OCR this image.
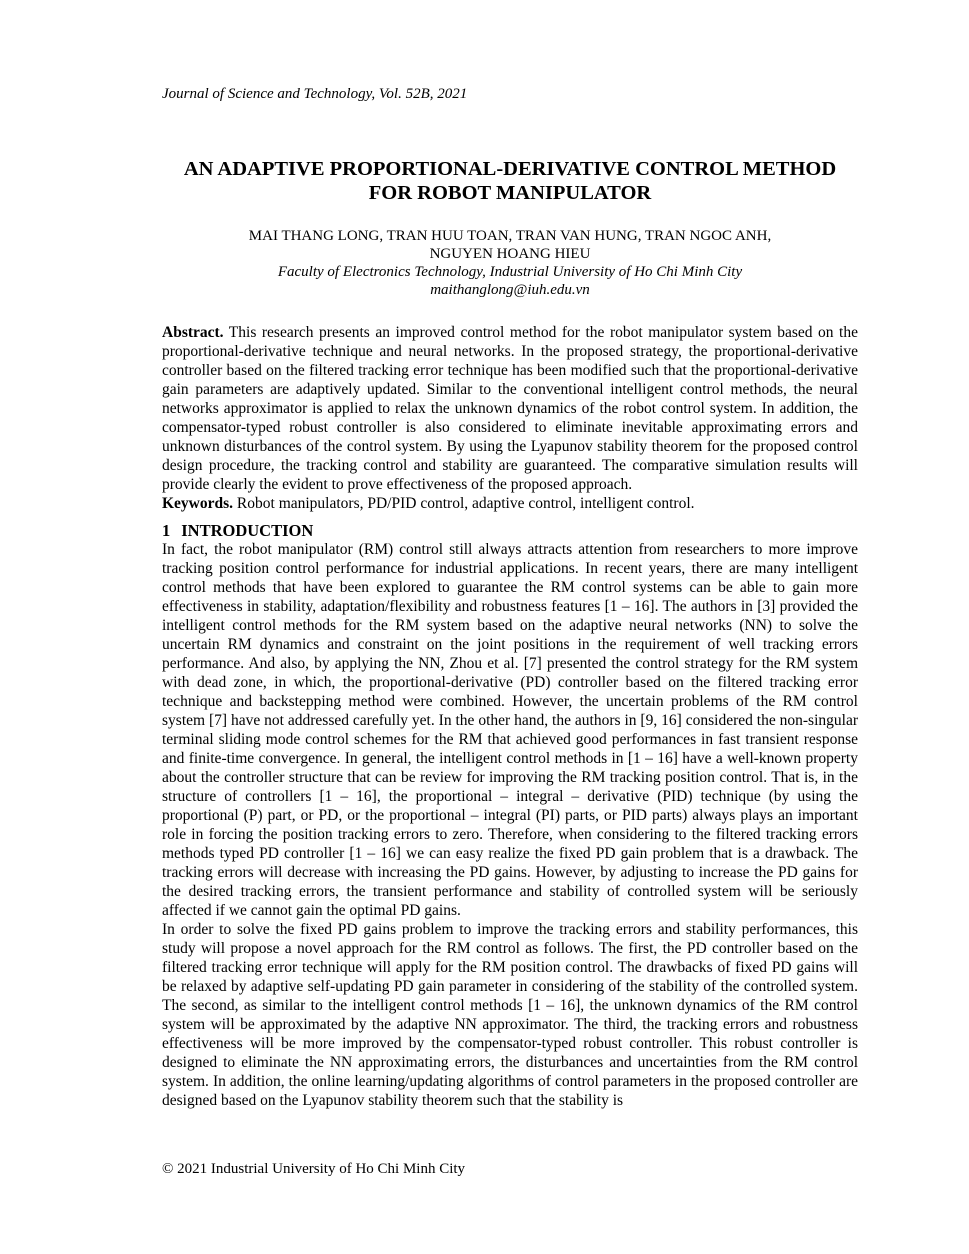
Journal of Science and Technology, Vol. 52B, 2021
AN ADAPTIVE PROPORTIONAL-DERIVATIVE CONTROL METHOD
FOR ROBOT MANIPULATOR
MAI THANG LONG, TRAN HUU TOAN, TRAN VAN HUNG, TRAN NGOC ANH,
NGUYEN HOANG HIEU
Faculty of Electronics Technology, Industrial University of Ho Chi Minh City
maithanglong@iuh.edu.vn
Abstract. This research presents an improved control method for the robot manipulator system based on the proportional-derivative technique and neural networks. In the proposed strategy, the proportional-derivative controller based on the filtered tracking error technique has been modified such that the proportional-derivative gain parameters are adaptively updated. Similar to the conventional intelligent control methods, the neural networks approximator is applied to relax the unknown dynamics of the robot control system. In addition, the compensator-typed robust controller is also considered to eliminate inevitable approximating errors and unknown disturbances of the control system. By using the Lyapunov stability theorem for the proposed control design procedure, the tracking control and stability are guaranteed. The comparative simulation results will provide clearly the evident to prove effectiveness of the proposed approach.
Keywords. Robot manipulators, PD/PID control, adaptive control, intelligent control.
1 INTRODUCTION
In fact, the robot manipulator (RM) control still always attracts attention from researchers to more improve tracking position control performance for industrial applications. In recent years, there are many intelligent control methods that have been explored to guarantee the RM control systems can be able to gain more effectiveness in stability, adaptation/flexibility and robustness features [1 – 16]. The authors in [3] provided the intelligent control methods for the RM system based on the adaptive neural networks (NN) to solve the uncertain RM dynamics and constraint on the joint positions in the requirement of well tracking errors performance. And also, by applying the NN, Zhou et al. [7] presented the control strategy for the RM system with dead zone, in which, the proportional-derivative (PD) controller based on the filtered tracking error technique and backstepping method were combined. However, the uncertain problems of the RM control system [7] have not addressed carefully yet. In the other hand, the authors in [9, 16] considered the non-singular terminal sliding mode control schemes for the RM that achieved good performances in fast transient response and finite-time convergence. In general, the intelligent control methods in [1 – 16] have a well-known property about the controller structure that can be review for improving the RM tracking position control. That is, in the structure of controllers [1 – 16], the proportional – integral – derivative (PID) technique (by using the proportional (P) part, or PD, or the proportional – integral (PI) parts, or PID parts) always plays an important role in forcing the position tracking errors to zero. Therefore, when considering to the filtered tracking errors methods typed PD controller [1 – 16] we can easy realize the fixed PD gain problem that is a drawback. The tracking errors will decrease with increasing the PD gains. However, by adjusting to increase the PD gains for the desired tracking errors, the transient performance and stability of controlled system will be seriously affected if we cannot gain the optimal PD gains.
In order to solve the fixed PD gains problem to improve the tracking errors and stability performances, this study will propose a novel approach for the RM control as follows. The first, the PD controller based on the filtered tracking error technique will apply for the RM position control. The drawbacks of fixed PD gains will be relaxed by adaptive self-updating PD gain parameter in considering of the stability of the controlled system. The second, as similar to the intelligent control methods [1 – 16], the unknown dynamics of the RM control system will be approximated by the adaptive NN approximator. The third, the tracking errors and robustness effectiveness will be more improved by the compensator-typed robust controller. This robust controller is designed to eliminate the NN approximating errors, the disturbances and uncertainties from the RM control system. In addition, the online learning/updating algorithms of control parameters in the proposed controller are designed based on the Lyapunov stability theorem such that the stability is
© 2021 Industrial University of Ho Chi Minh City
